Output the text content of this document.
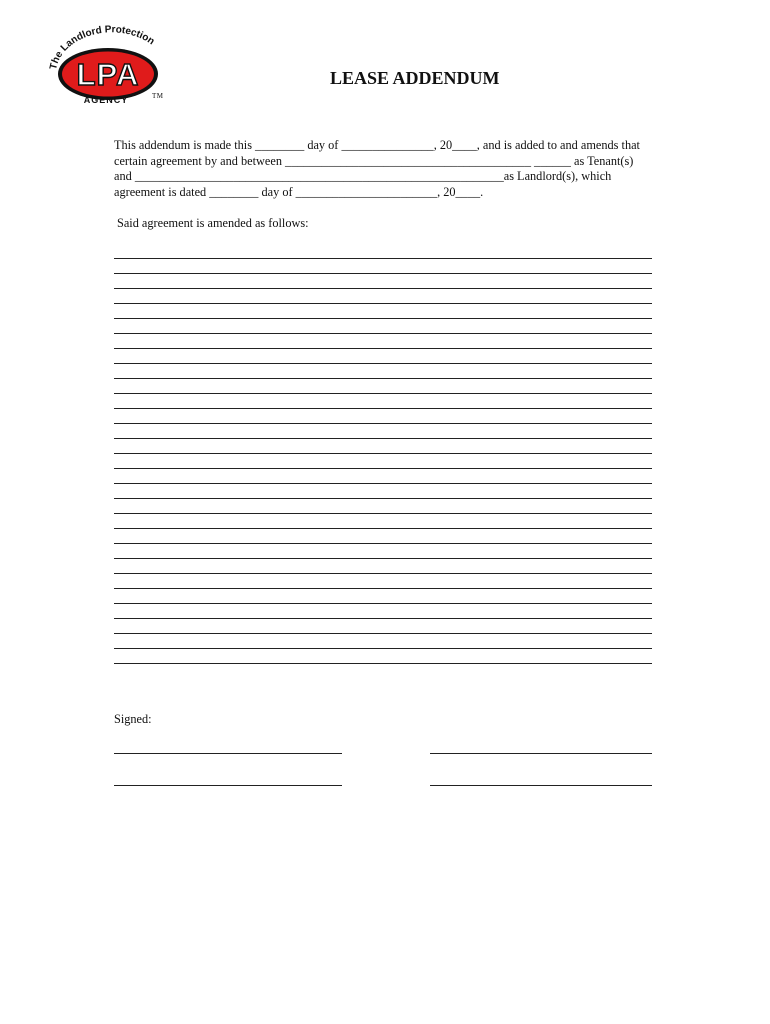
The Landlord Protection
LPA
AGENCY	TM
LEASE ADDENDUM
This addendum is made this ________ day of _______________, 20____, and is added to and amends that
certain agreement by and between ________________________________________ ______ as Tenant(s)
and ____________________________________________________________as Landlord(s), which
agreement is dated ________ day of _______________________, 20____.
Said agreement is amended as follows:
Signed:
